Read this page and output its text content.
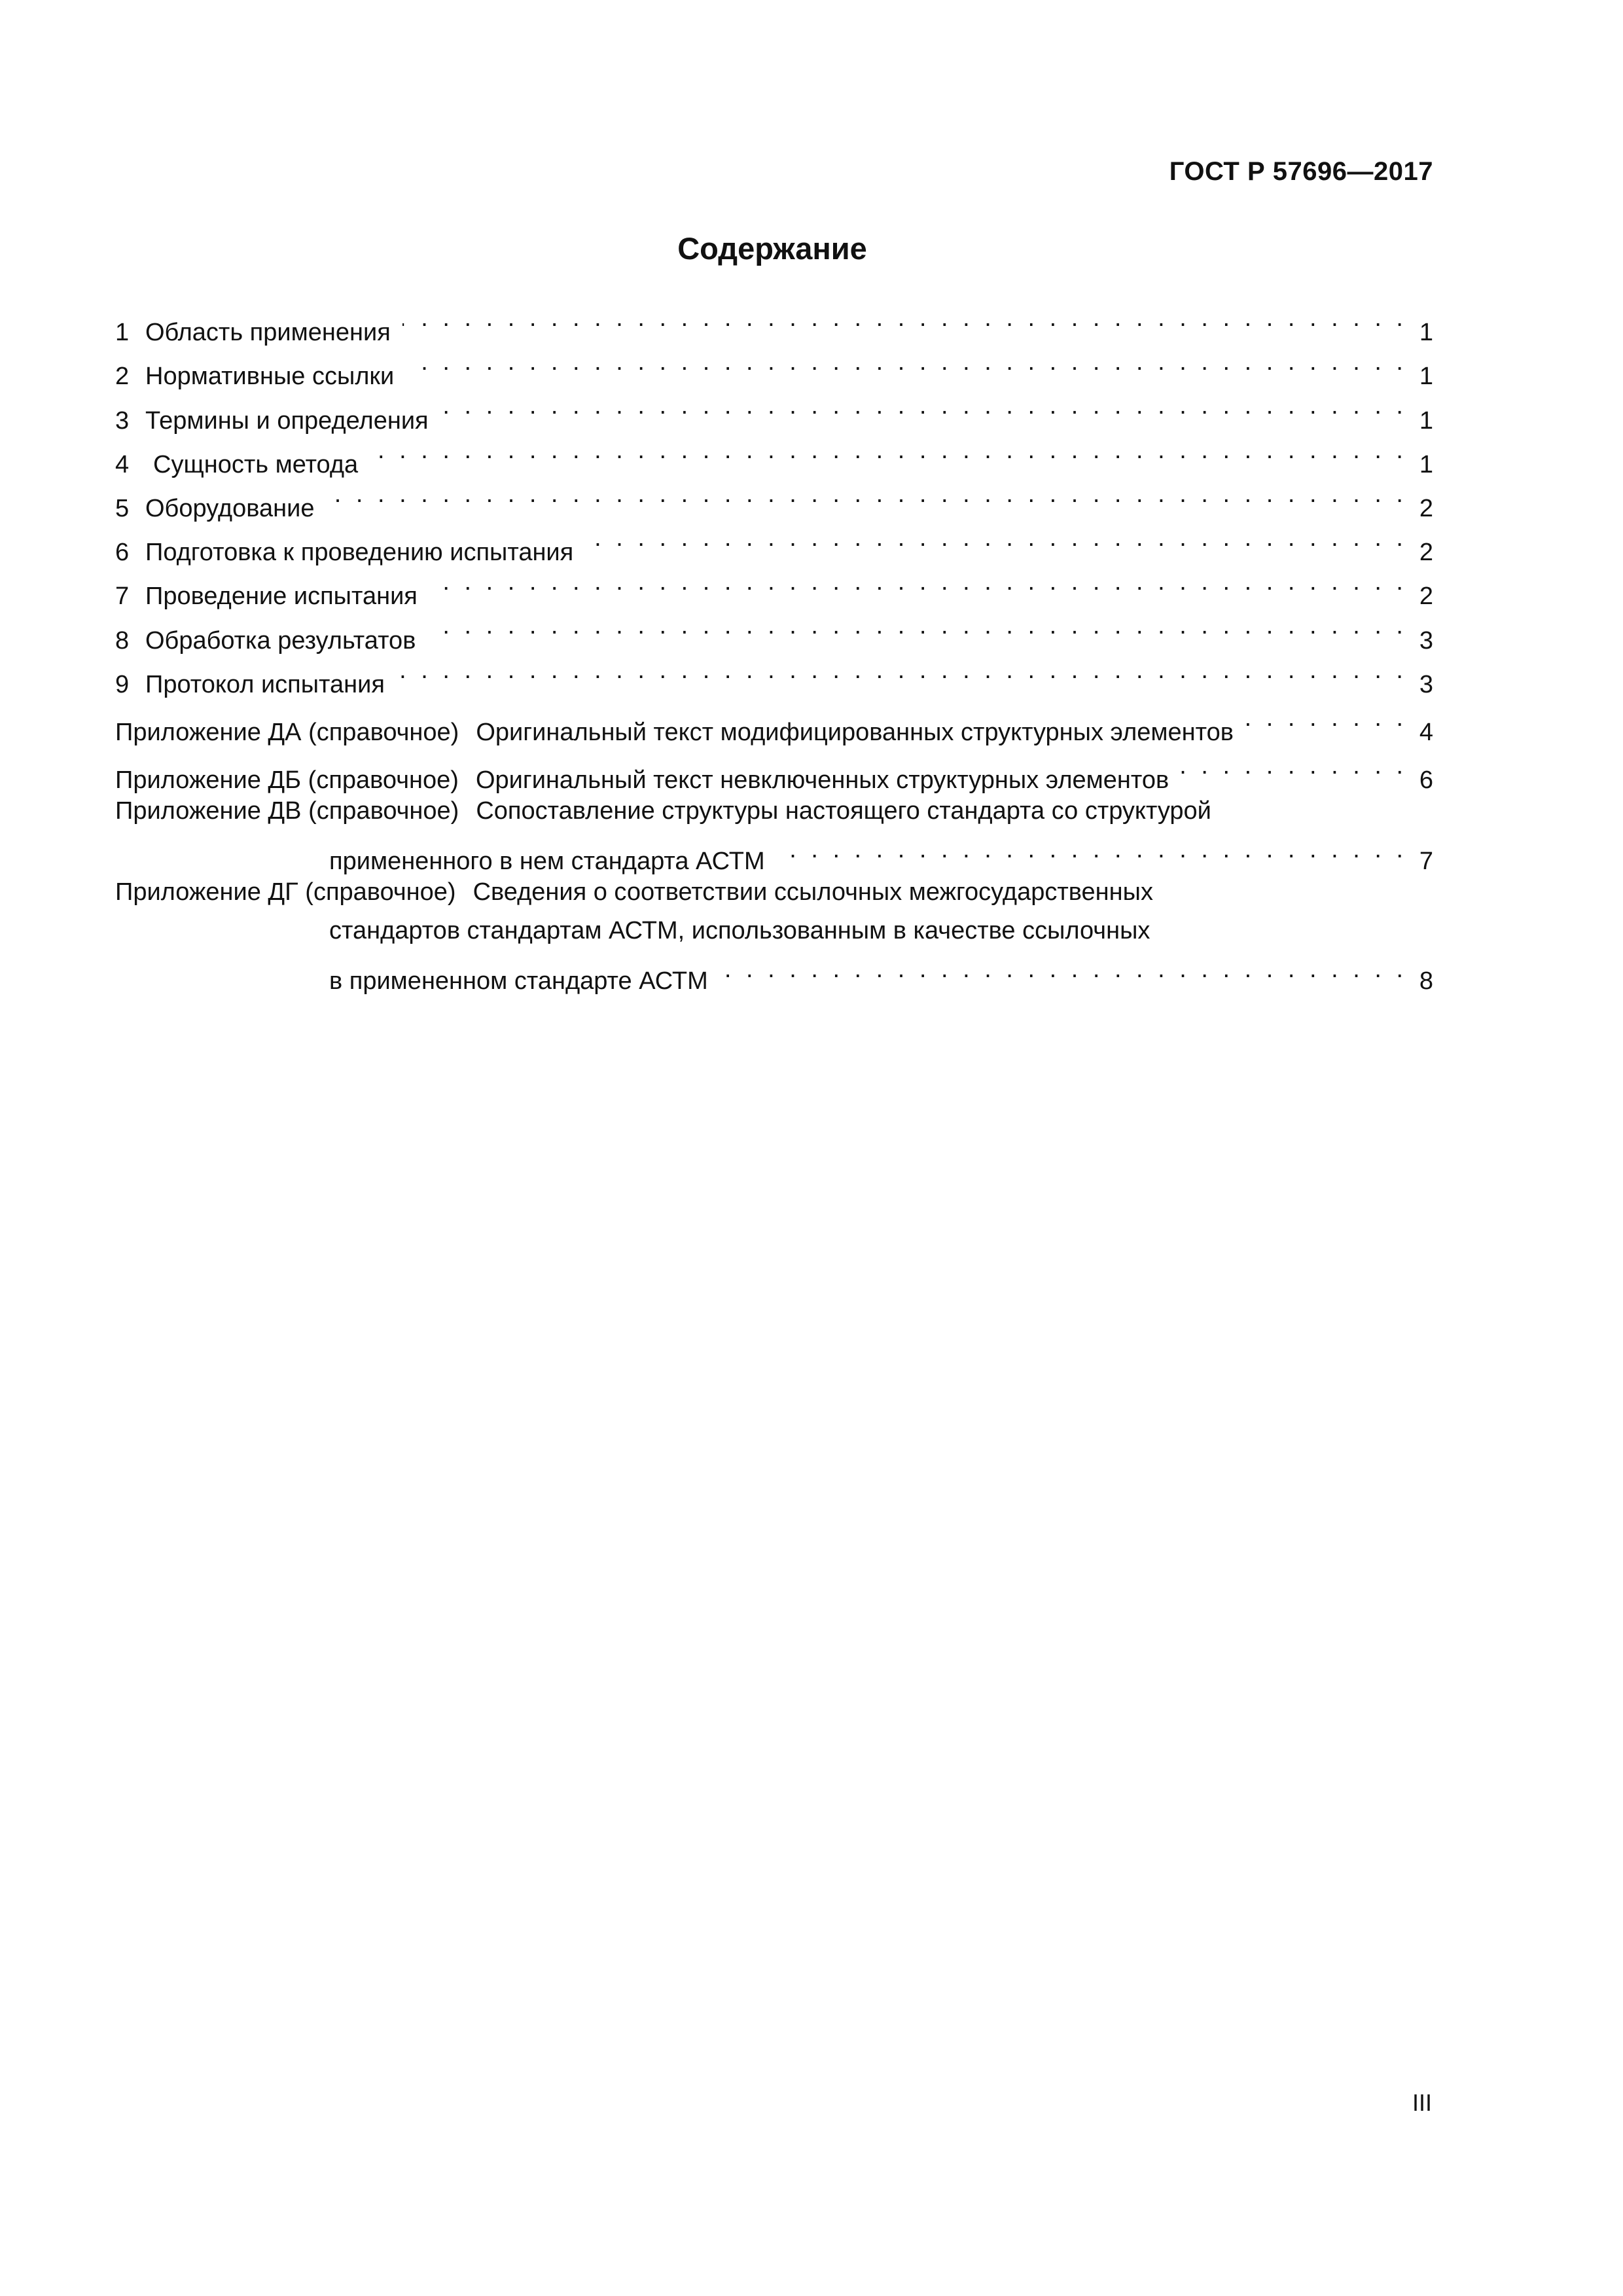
ГОСТ Р 57696—2017
Содержание
1 Область применения . . .	1
2 Нормативные ссылки . . .	1
3 Термины и определения . . .	1
4 Сущность метода . . .	1
5 Оборудование . . .	2
6 Подготовка к проведению испытания . . .	2
7 Проведение испытания . . .	2
8 Обработка результатов . . .	3
9 Протокол испытания . . .	3
Приложение ДА (справочное) Оригинальный текст модифицированных структурных элементов . . .	4
Приложение ДБ (справочное) Оригинальный текст невключенных структурных элементов . . .	6
Приложение ДВ (справочное) Сопоставление структуры настоящего стандарта со структурой
примененного в нем стандарта АСТМ . . .	7
Приложение ДГ (справочное) Сведения о соответствии ссылочных межгосударственных
стандартов стандартам АСТМ, использованным в качестве ссылочных
в примененном стандарте АСТМ . . .	8
III
